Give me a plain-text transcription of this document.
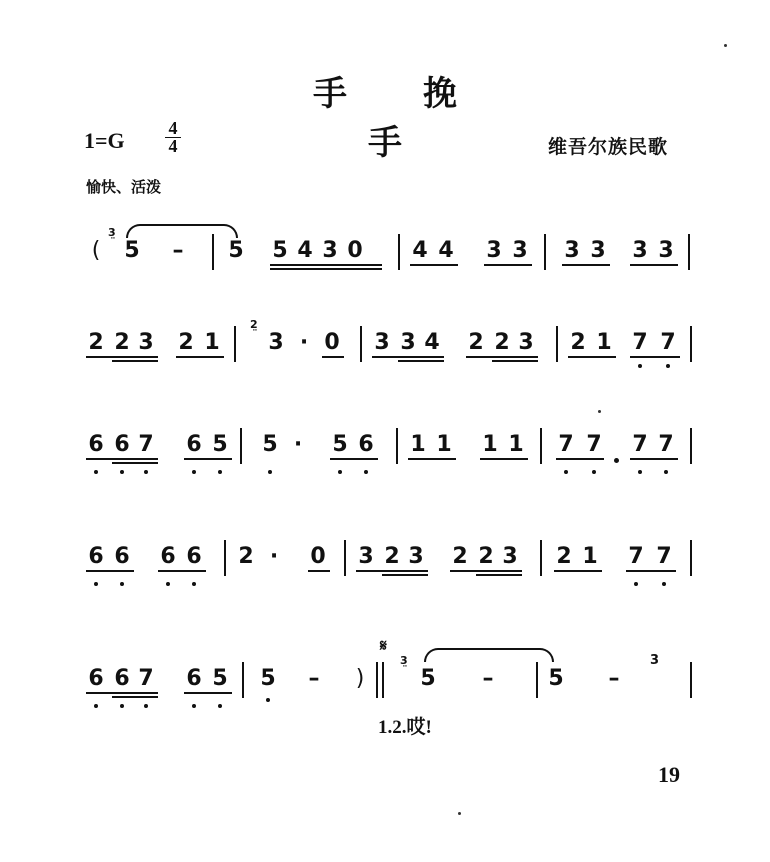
手 挽手
1=G	4
4	维吾尔族民歌
愉快、活泼
(
3̤
5 – 5 5 4 3 0 4 4 3 3 3 3 3 3
2 2 3 2 1
2̤
3 · 0 3 3 4 2 2 3 2 1 7 7
6 6 7 6 5 5 · 5 6 1 1 1 1 7 7 7 7
6 6 6 6 2 · 0 3 2 3 2 2 3 2 1 7 7
6 6 7 6 5 5 – )
𝄋
3̤
5 – 5 –
3
1.2.哎!
19
